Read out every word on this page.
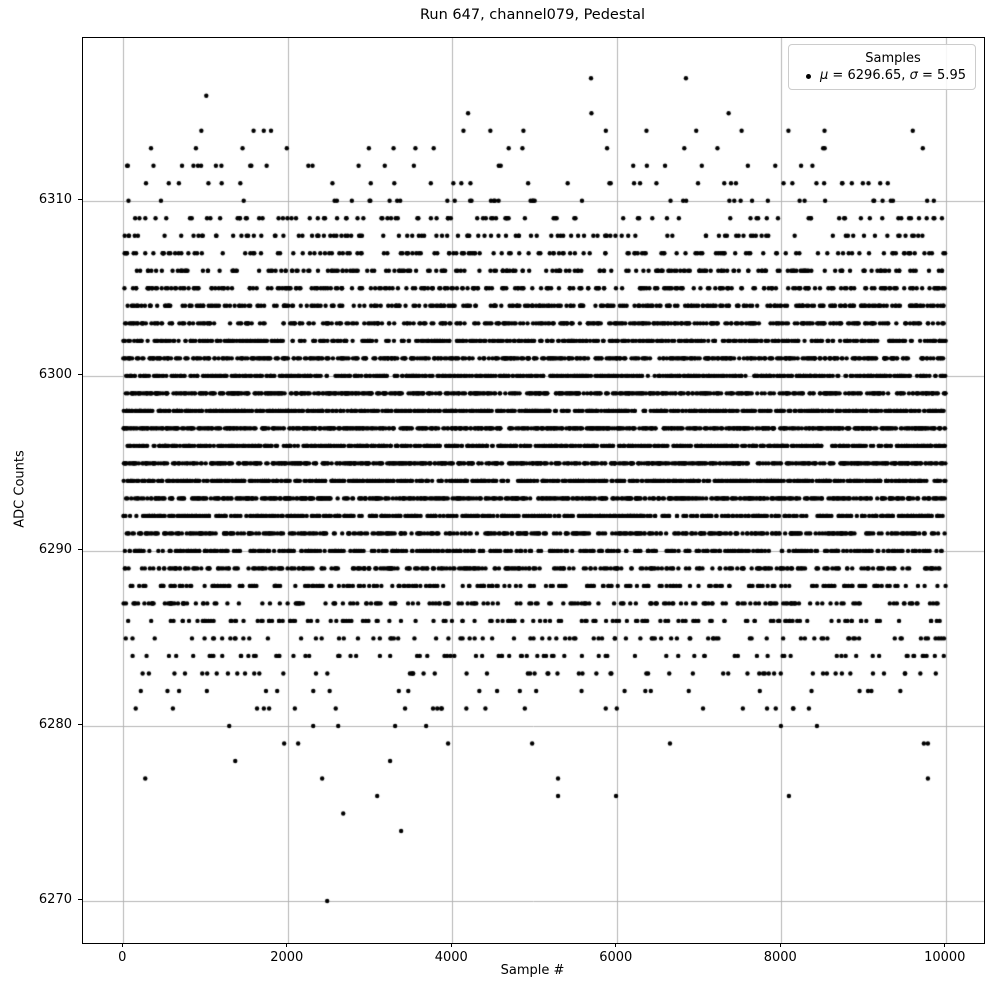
Run 647, channel079, Pedestal
ADC Counts
Sample #
Samples
μ = 6296.65, σ = 5.95
0	2000	4000	6000	8000	10000
6270
6280
6290
6300
6310
